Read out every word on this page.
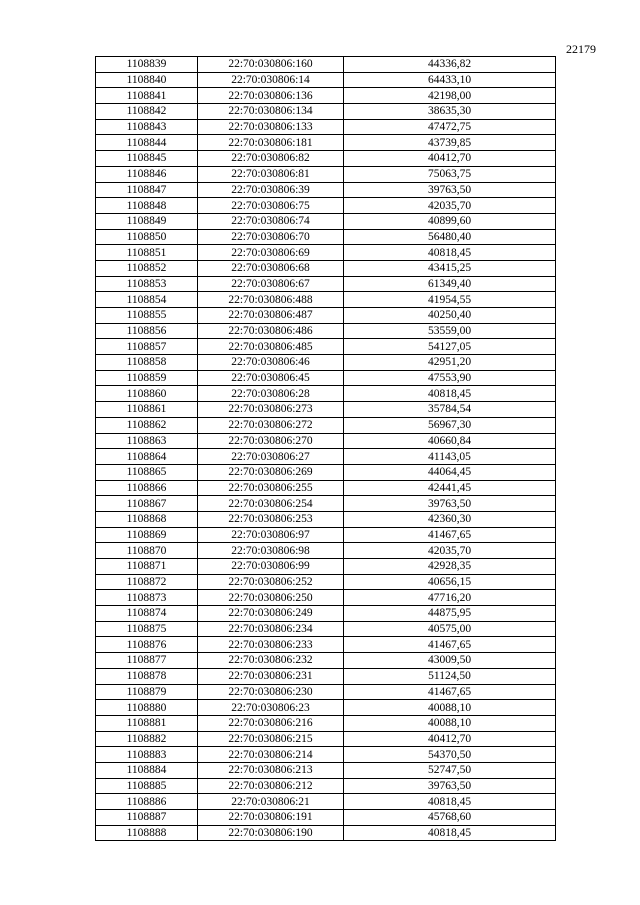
22179
1108839	22:70:030806:160	44336,82
1108840	22:70:030806:14	64433,10
1108841	22:70:030806:136	42198,00
1108842	22:70:030806:134	38635,30
1108843	22:70:030806:133	47472,75
1108844	22:70:030806:181	43739,85
1108845	22:70:030806:82	40412,70
1108846	22:70:030806:81	75063,75
1108847	22:70:030806:39	39763,50
1108848	22:70:030806:75	42035,70
1108849	22:70:030806:74	40899,60
1108850	22:70:030806:70	56480,40
1108851	22:70:030806:69	40818,45
1108852	22:70:030806:68	43415,25
1108853	22:70:030806:67	61349,40
1108854	22:70:030806:488	41954,55
1108855	22:70:030806:487	40250,40
1108856	22:70:030806:486	53559,00
1108857	22:70:030806:485	54127,05
1108858	22:70:030806:46	42951,20
1108859	22:70:030806:45	47553,90
1108860	22:70:030806:28	40818,45
1108861	22:70:030806:273	35784,54
1108862	22:70:030806:272	56967,30
1108863	22:70:030806:270	40660,84
1108864	22:70:030806:27	41143,05
1108865	22:70:030806:269	44064,45
1108866	22:70:030806:255	42441,45
1108867	22:70:030806:254	39763,50
1108868	22:70:030806:253	42360,30
1108869	22:70:030806:97	41467,65
1108870	22:70:030806:98	42035,70
1108871	22:70:030806:99	42928,35
1108872	22:70:030806:252	40656,15
1108873	22:70:030806:250	47716,20
1108874	22:70:030806:249	44875,95
1108875	22:70:030806:234	40575,00
1108876	22:70:030806:233	41467,65
1108877	22:70:030806:232	43009,50
1108878	22:70:030806:231	51124,50
1108879	22:70:030806:230	41467,65
1108880	22:70:030806:23	40088,10
1108881	22:70:030806:216	40088,10
1108882	22:70:030806:215	40412,70
1108883	22:70:030806:214	54370,50
1108884	22:70:030806:213	52747,50
1108885	22:70:030806:212	39763,50
1108886	22:70:030806:21	40818,45
1108887	22:70:030806:191	45768,60
1108888	22:70:030806:190	40818,45
